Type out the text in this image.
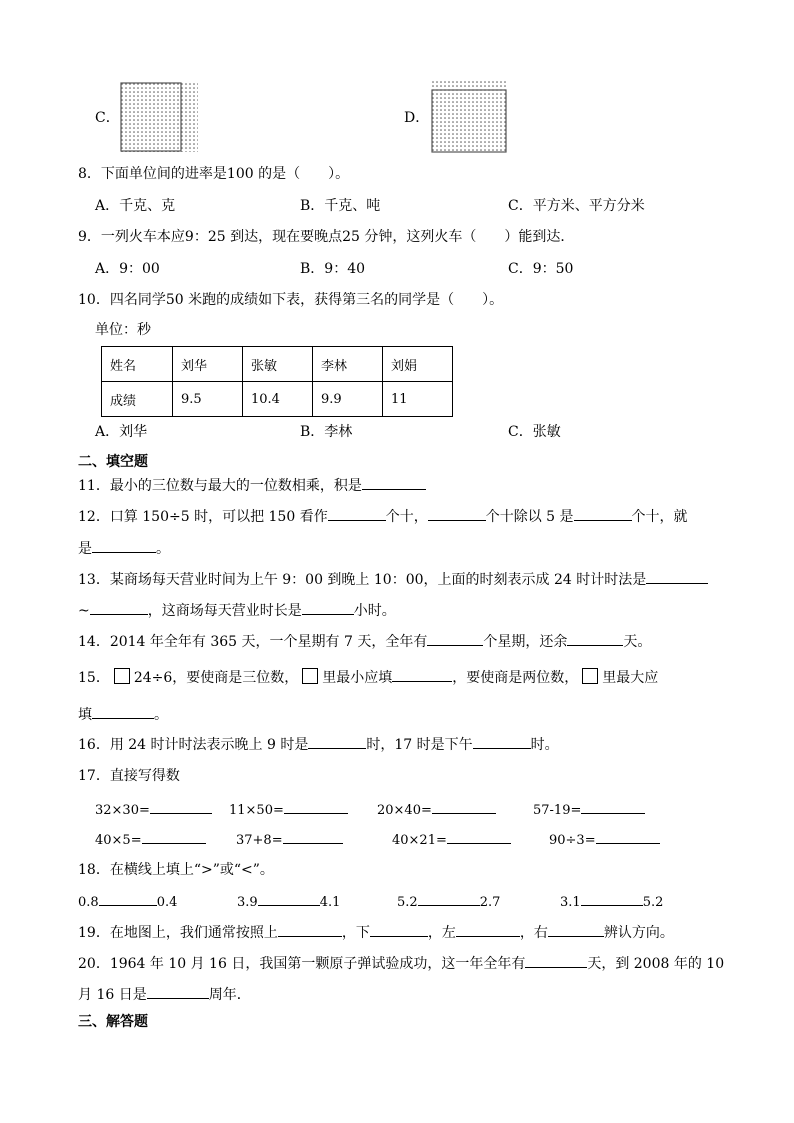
C．	D．
8．下面单位间的进率是100 的是（　　）。
A．千克、克	B．千克、吨	C．平方米、平方分米
9．一列火车本应9：25 到达，现在要晚点25 分钟，这列火车（　　）能到达．
A．9：00	B．9：40	C．9：50
10．四名同学50 米跑的成绩如下表，获得第三名的同学是（　　）。
单位：秒
姓名	刘华	张敏	李林	刘娟
成绩	9.5	10.4	9.9	11
A．刘华	B．李林	C．张敏
二、填空题
11．最小的三位数与最大的一位数相乘，积是
12．口算 150÷5 时，可以把 150 看作	个十，	个十除以 5 是	个十，就
是	。
13．某商场每天营业时间为上午 9：00 到晚上 10：00，上面的时刻表示成 24 时计时法是
~	，这商场每天营业时长是	小时。
14．2014 年全年有 365 天，一个星期有 7 天，全年有	个星期，还余	天。
15． 24÷6，要使商是三位数， 里最小应填	，要使商是两位数， 里最大应
填	。
16．用 24 时计时法表示晚上 9 时是	时，17 时是下午	时。
17．直接写得数
32×30=	11×50=	20×40=	57-19=
40×5=	37+8=	40×21=	90÷3=
18．在横线上填上“>”或“<”。
0.8	0.4	3.9	4.1	5.2	2.7	3.1	5.2
19．在地图上，我们通常按照上	，下	，左	，右	辨认方向。
20．1964 年 10 月 16 日，我国第一颗原子弹试验成功，这一年全年有	天，到 2008 年的 10
月 16 日是	周年．
三、解答题
